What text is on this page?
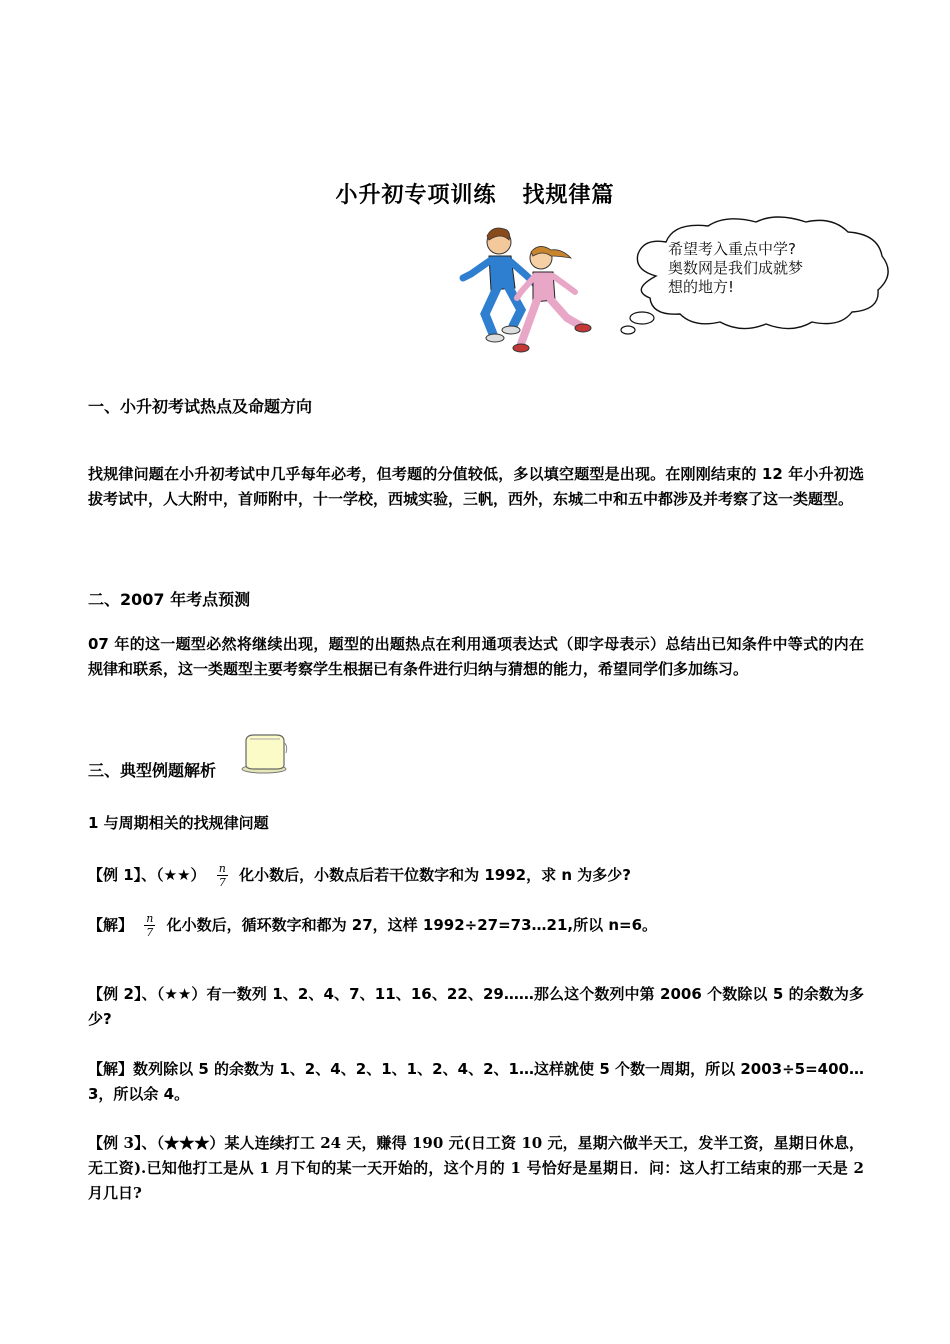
小升初专项训练 找规律篇
希望考入重点中学?
奥数网是我们成就梦
想的地方!
一、小升初考试热点及命题方向
找规律问题在小升初考试中几乎每年必考，但考题的分值较低，多以填空题型是出现。在刚刚结束的 12 年小升初选拔考试中，人大附中，首师附中，十一学校，西城实验，三帆，西外，东城二中和五中都涉及并考察了这一类题型。
二、2007 年考点预测
07 年的这一题型必然将继续出现，题型的出题热点在利用通项表达式（即字母表示）总结出已知条件中等式的内在规律和联系，这一类题型主要考察学生根据已有条件进行归纳与猜想的能力，希望同学们多加练习。
三、典型例题解析
1 与周期相关的找规律问题
【例 1】、（★★） $\frac{n}{7}$ 化小数后，小数点后若干位数字和为 1992，求 n 为多少?
【解】 $\frac{n}{7}$ 化小数后，循环数字和都为 27，这样 1992÷27=73…21,所以 n=6。
【例 2】、（★★）有一数列 1、2、4、7、11、16、22、29……那么这个数列中第 2006 个数除以 5 的余数为多少?
【解】数列除以 5 的余数为 1、2、4、2、1、1、2、4、2、1…这样就使 5 个数一周期，所以 2003÷5=400…3，所以余 4。
【例 3】、（★★★）某人连续打工 24 天，赚得 190 元(日工资 10 元，星期六做半天工，发半工资，星期日休息，无工资).已知他打工是从 1 月下旬的某一天开始的，这个月的 1 号恰好是星期日．问：这人打工结束的那一天是 2 月几日?
